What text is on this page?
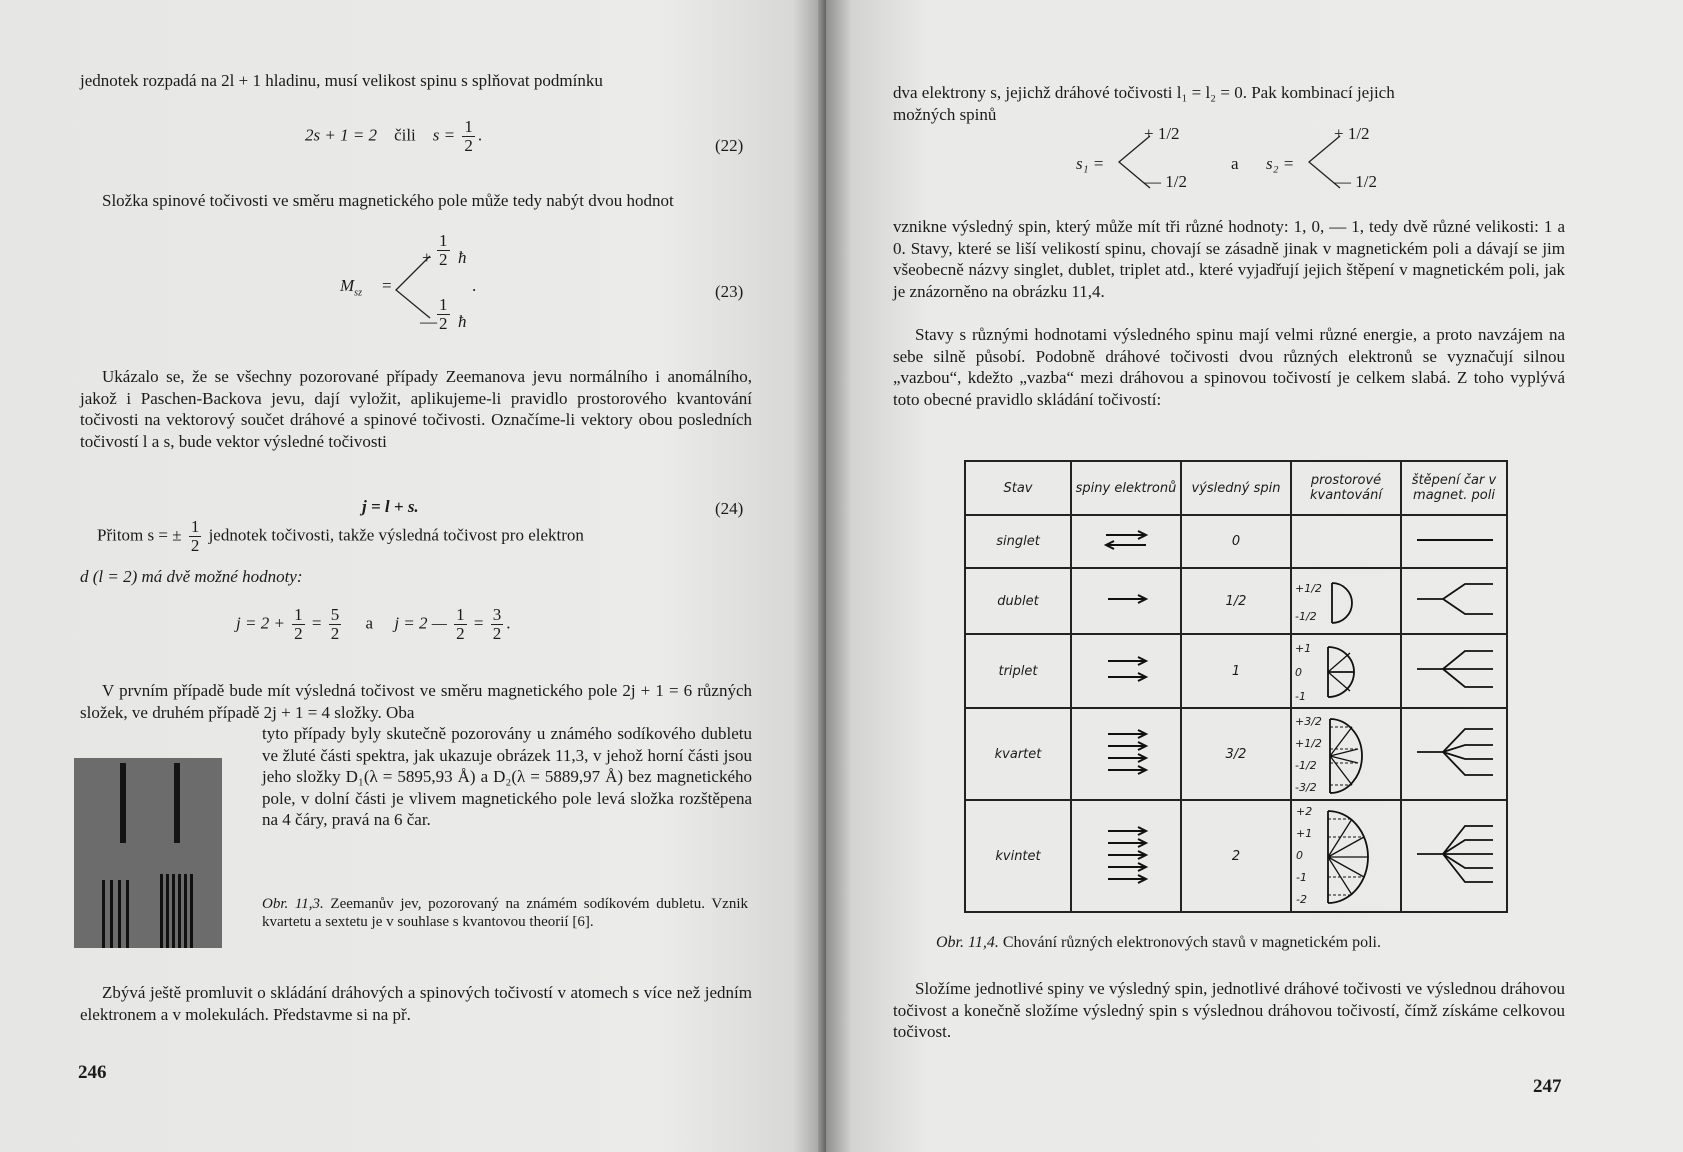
jednotek rozpadá na 2l + 1 hladinu, musí velikost spinu s splňovat podmínku

2s + 1 = 2 čili $s = \frac{1}{2}$ .
(22)

Složka spinové točivosti ve směru magnetického pole může tedy nabýt dvou hodnot

$M_{sz}$ =
+ $\frac{1}{2}$ ħ
.
— $\frac{1}{2}$ ħ
(23)

Ukázalo se, že se všechny pozorované případy Zeemanova jevu normálního i anomálního, jakož i Paschen-Backova jevu, dají vyložit, aplikujeme-li pravidlo prostorového kvantování točivosti na vektorový součet dráhové a spinové točivosti. Označíme-li vektory obou posledních točivostí l a s, bude vektor výsledné točivosti

j = l + s.	(24)
Přitom s = ± $\frac{1}{2}$ jednotek točivosti, takže výsledná točivost pro elektron

d (l = 2) má dvě možné hodnoty:

$j = 2 + \frac{1}{2} = \frac{5}{2}$ a j = 2 — $\frac{1}{2} = \frac{3}{2}$ .

V prvním případě bude mít výsledná točivost ve směru magnetického pole 2j + 1 = 6 různých složek, ve druhém případě 2j + 1 = 4 složky. Oba

tyto případy byly skutečně pozorovány u známého sodíkového dubletu ve žluté části spektra, jak ukazuje obrázek 11,3, v jehož horní části jsou jeho složky D₁(λ = 5895,93 Å) a D₂(λ = 5889,97 Å) bez magnetického pole, v dolní části je vlivem magnetického pole levá složka rozštěpena na 4 čáry, pravá na 6 čar.

Obr. 11,3. Zeemanův jev, pozorovaný na známém sodíkovém dubletu. Vznik kvartetu a sextetu je v souhlase s kvantovou theorií [6].

Zbývá ještě promluvit o skládání dráhových a spinových točivostí v atomech s více než jedním elektronem a v molekulách. Představme si na př.

246

dva elektrony s, jejichž dráhové točivosti l₁ = l₂ = 0. Pak kombinací jejich

možných spinů

s₁ =
+ 1/2
— 1/2
a s₂ =
+ 1/2
— 1/2

vznikne výsledný spin, který může mít tři různé hodnoty: 1, 0, — 1, tedy dvě různé velikosti: 1 a 0. Stavy, které se liší velikostí spinu, chovají se zásadně jinak v magnetickém poli a dávají se jim všeobecně názvy singlet, dublet, triplet atd., které vyjadřují jejich štěpení v magnetickém poli, jak je znázorněno na obrázku 11,4.

Stavy s různými hodnotami výsledného spinu mají velmi různé energie, a proto navzájem na sebe silně působí. Podobně dráhové točivosti dvou různých elektronů se vyznačují silnou „vazbou“, kdežto „vazba“ mezi dráhovou a spinovou točivostí je celkem slabá. Z toho vyplývá toto obecné pravidlo skládání točivostí:

Stav	spiny elektronů	výsledný spin	prostorové kvantování	štěpení čar v magnet. poli
singlet		0		
dublet		1/2	+1/2
-1/2

triplet		1	+1
0
-1

kvartet		3/2	+3/2
+1/2
-1/2
-3/2

kvintet		2	+2
+1
0
-1
-2

Obr. 11,4. Chování různých elektronových stavů v magnetickém poli.

Složíme jednotlivé spiny ve výsledný spin, jednotlivé dráhové točivosti ve výslednou dráhovou točivost a konečně složíme výsledný spin s výslednou dráhovou točivostí, čímž získáme celkovou točivost.

247
